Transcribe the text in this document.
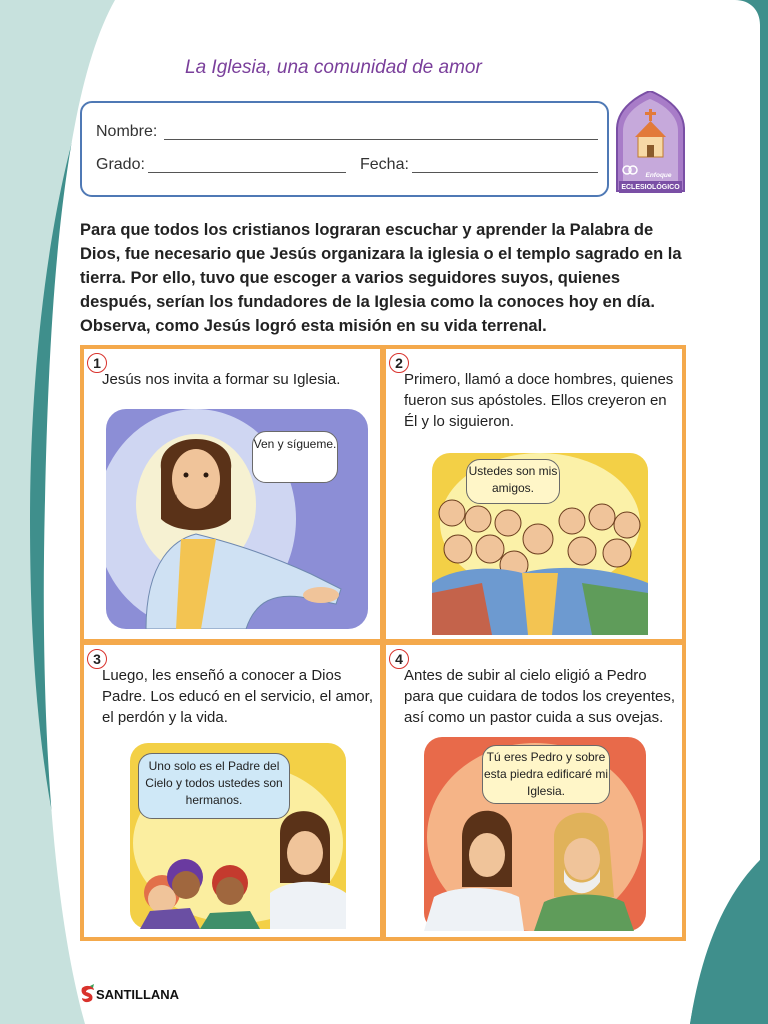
La Iglesia, una comunidad de amor
Nombre:
Grado:	Fecha:
Enfoque
ECLESIOLÓGICO
Para que todos los cristianos lograran escuchar y aprender la Palabra de Dios, fue necesario que Jesús organizara la iglesia o el templo sagrado en la tierra. Por ello, tuvo que escoger a varios seguidores suyos, quienes después, serían los fundadores de la Iglesia como la conoces hoy en día. Observa, como Jesús logró esta misión en su vida terrenal.
1
Jesús nos invita a formar su Iglesia.
Ven y sígueme.
2
Primero, llamó a doce hombres, quienes fueron sus apóstoles. Ellos creyeron en Él y lo siguieron.
Ustedes son mis amigos.
3
Luego, les enseñó a conocer a Dios Padre. Los educó en el servicio, el amor, el perdón y la vida.
Uno solo es el Padre del Cielo y todos ustedes son hermanos.
4
Antes de subir al cielo eligió a Pedro para que cuidara de todos los creyentes, así como un pastor cuida a sus ovejas.
Tú eres Pedro y sobre esta piedra edificaré mi Iglesia.
SANTILLANA
